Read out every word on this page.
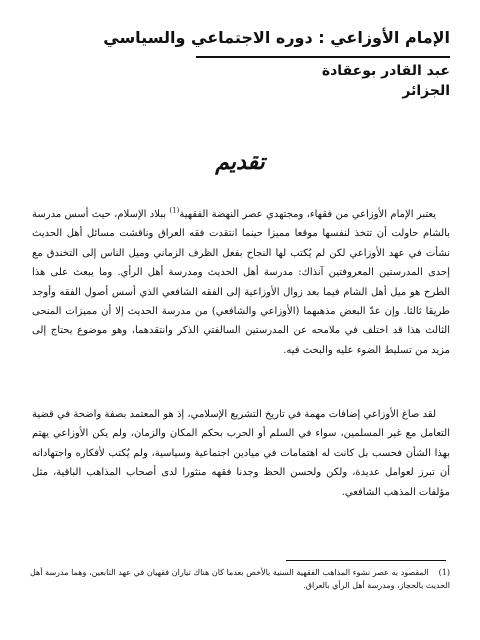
الإمام الأوزاعي : دوره الاجتماعي والسياسي
عبد القادر بوعقادة
الجزائر
تقديم

يعتبر الإمام الأوزاعي من فقهاء، ومجتهدي عصر النهضة الفقهية$^{(1)}$ ببلاد الإسلام، حيث أسس مدرسة بالشام حاولت أن تتخذ لنفسها موقعا مميزا حينما انتقدت فقه العراق وناقشت مسائل أهل الحديث نشأت في عهد الأوزاعي لكن لم يُكتب لها النجاح بفعل الظرف الزماني وميل الناس إلى التخندق مع إحدى المدرستين المعروفتين آنذاك: مدرسة أهل الحديث ومدرسة أهل الرأي. وما يبعث على هذا الطرح هو ميل أهل الشام فيما بعد زوال الأوزاعية إلى الفقه الشافعي الذي أسس أصول الفقه وأوجد طريقا ثالثا. وإن عدّ البعض مذهبهما (الأوزاعي والشافعي) من مدرسة الحديث إلا أن مميزات المنحى الثالث هذا قد اختلف في ملامحه عن المدرستين السالفتي الذكر وانتقدهما، وهو موضوع يحتاج إلى مزيد من تسليط الضوء عليه والبحث فيه.

لقد صاغ الأوزاعي إضافات مهمة في تاريخ التشريع الإسلامي، إذ هو المعتمد بصفة واضحة في قضية التعامل مع غير المسلمين، سواء في السلم أو الحرب بحكم المكان والزمان، ولم يكن الأوزاعي يهتم بهذا الشأن فحسب بل كانت له اهتمامات في ميادين اجتماعية وسياسية، ولم يُكتب لأفكاره واجتهاداته أن تبرز لعوامل عديدة، ولكن ولحسن الحظ وجدنا فقهه منثورا لدى أصحاب المذاهب الباقية، مثل مؤلفات المذهب الشافعي.

(1)المقصود به عصر نشوء المذاهب الفقهية السنية بالأخص بعدما كان هناك تياران فقهيان في عهد التابعين، وهما مدرسة أهل الحديث بالحجاز، ومدرسة أهل الرأي بالعراق.
